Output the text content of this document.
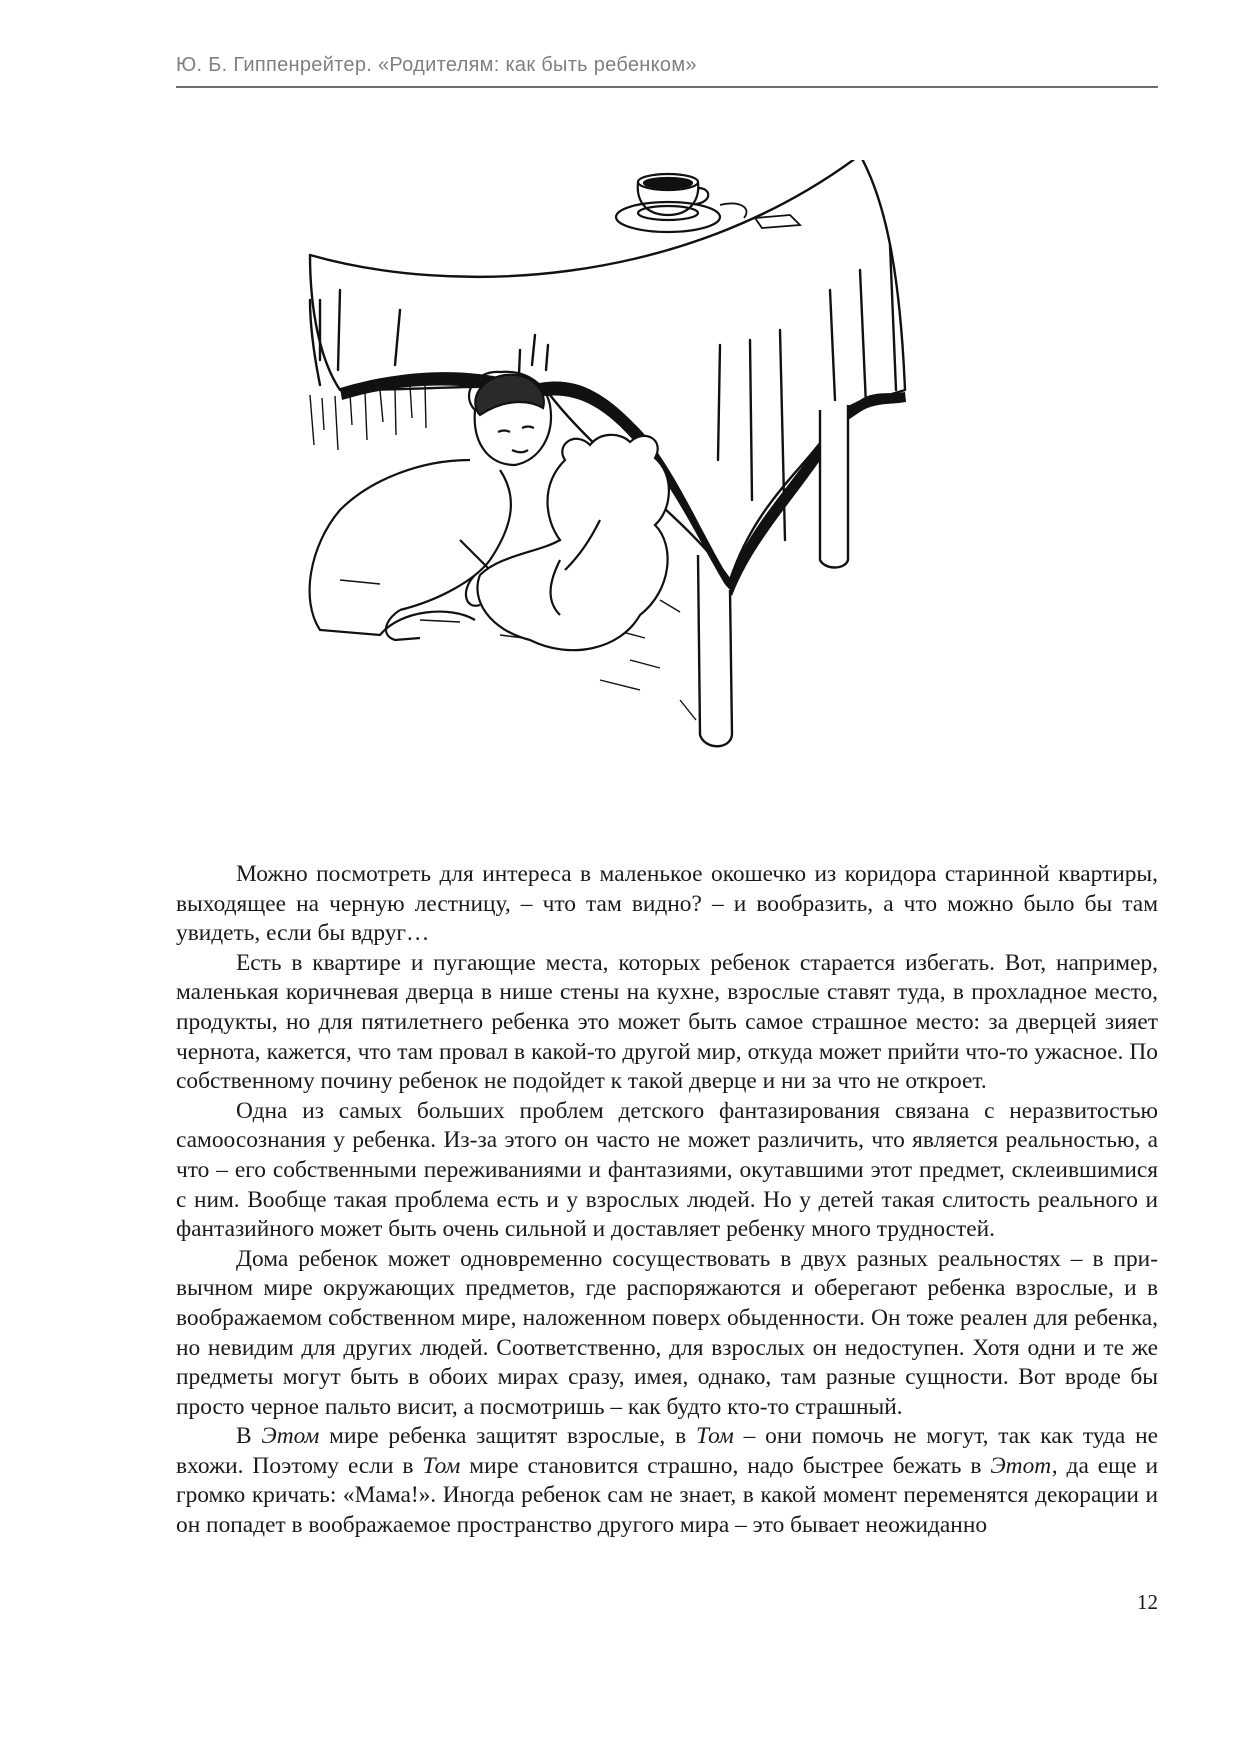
Ю. Б. Гиппенрейтер. «Родителям: как быть ребенком»

Можно посмотреть для интереса в маленькое окошечко из коридора старинной квартиры, выходящее на черную лестницу, – что там видно? – и вообразить, а что можно было бы там увидеть, если бы вдруг…

Есть в квартире и пугающие места, которых ребенок старается избегать. Вот, например, маленькая коричневая дверца в нише стены на кухне, взрослые ставят туда, в прохладное место, продукты, но для пятилетнего ребенка это может быть самое страшное место: за дверцей зияет чернота, кажется, что там провал в какой-то другой мир, откуда может прийти что-то ужасное. По собственному почину ребенок не подойдет к такой дверце и ни за что не откроет.

Одна из самых больших проблем детского фантазирования связана с неразвитостью самоосознания у ребенка. Из-за этого он часто не может различить, что является реальностью, а что – его собственными переживаниями и фантазиями, окутавшими этот предмет, склеившимися с ним. Вообще такая проблема есть и у взрослых людей. Но у детей такая слитость реального и фантазийного может быть очень сильной и доставляет ребенку много трудностей.

Дома ребенок может одновременно сосуществовать в двух разных реальностях – в привычном мире окружающих предметов, где распоряжаются и оберегают ребенка взрослые, и в воображаемом собственном мире, наложенном поверх обыденности. Он тоже реален для ребенка, но невидим для других людей. Соответственно, для взрослых он недоступен. Хотя одни и те же предметы могут быть в обоих мирах сразу, имея, однако, там разные сущности. Вот вроде бы просто черное пальто висит, а посмотришь – как будто кто-то страшный.

В Этом мире ребенка защитят взрослые, в Том – они помочь не могут, так как туда не вхожи. Поэтому если в Том мире становится страшно, надо быстрее бежать в Этот, да еще и громко кричать: «Мама!». Иногда ребенок сам не знает, в какой момент переменятся декорации и он попадет в воображаемое пространство другого мира – это бывает неожиданно

12
